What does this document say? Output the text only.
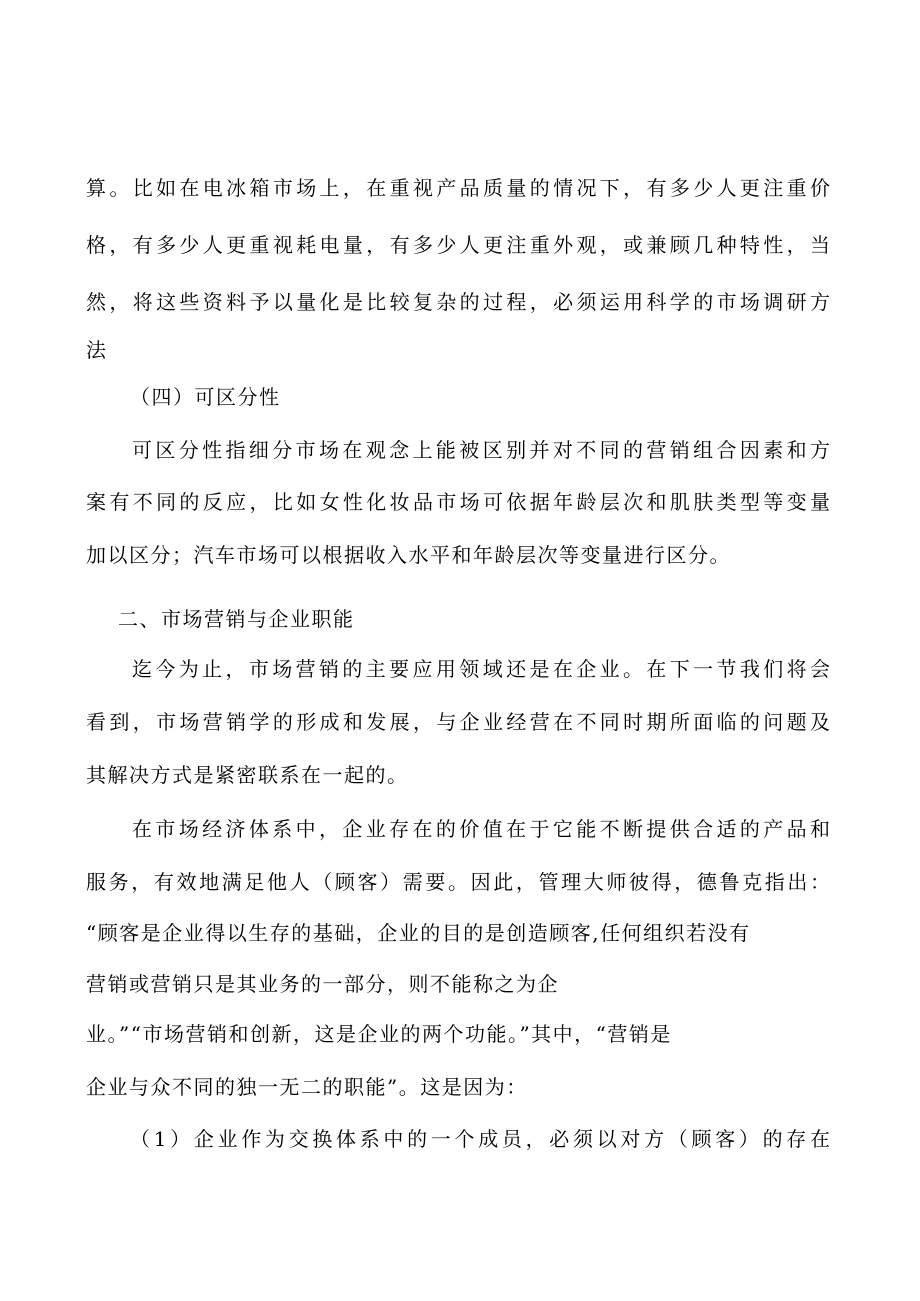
算。比如在电冰箱市场上，在重视产品质量的情况下，有多少人更注重价
格，有多少人更重视耗电量，有多少人更注重外观，或兼顾几种特性，当
然，将这些资料予以量化是比较复杂的过程，必须运用科学的市场调研方
法
（四）可区分性
可区分性指细分市场在观念上能被区别并对不同的营销组合因素和方
案有不同的反应，比如女性化妆品市场可依据年龄层次和肌肤类型等变量
加以区分；汽车市场可以根据收入水平和年龄层次等变量进行区分。
二、市场营销与企业职能
迄今为止，市场营销的主要应用领域还是在企业。在下一节我们将会
看到，市场营销学的形成和发展，与企业经营在不同时期所面临的问题及
其解决方式是紧密联系在一起的。
在市场经济体系中，企业存在的价值在于它能不断提供合适的产品和
服务，有效地满足他人（顾客）需要。因此，管理大师彼得，德鲁克指出：
“顾客是企业得以生存的基础，企业的目的是创造顾客,任何组织若没有
营销或营销只是其业务的一部分，则不能称之为企
业。”“市场营销和创新，这是企业的两个功能。”其中，“营销是
企业与众不同的独一无二的职能”。这是因为：
（1）企业作为交换体系中的一个成员，必须以对方（顾客）的存在
